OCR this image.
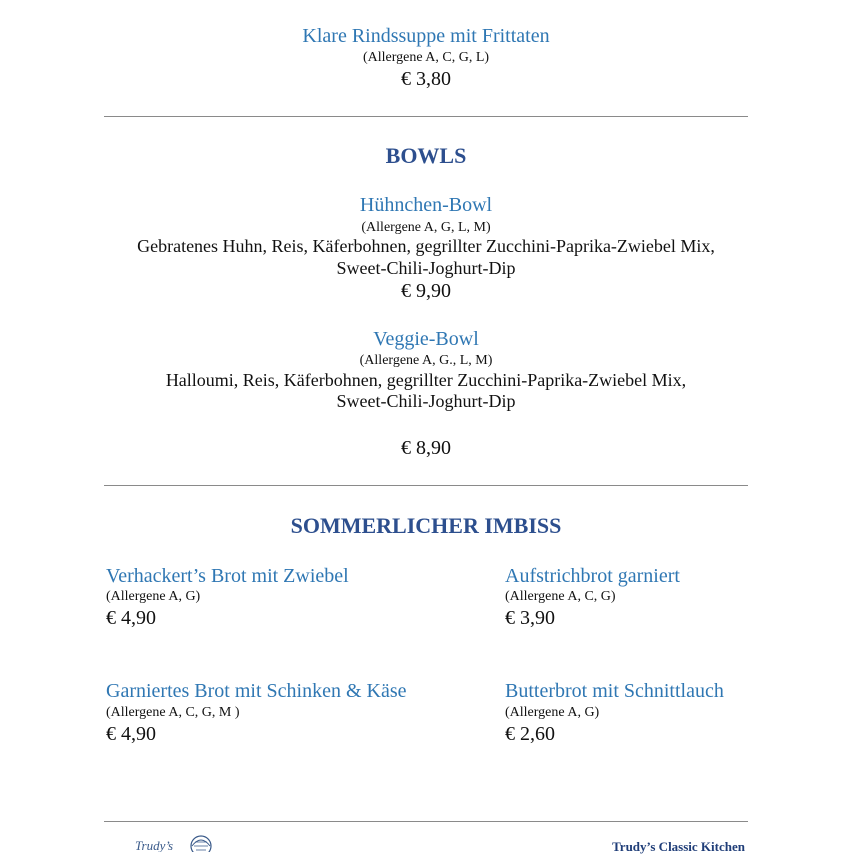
Klare Rindssuppe mit Frittaten
(Allergene A, C, G, L)
€ 3,80
BOWLS
Hühnchen-Bowl
(Allergene A, G, L, M)
Gebratenes Huhn, Reis, Käferbohnen, gegrillter Zucchini-Paprika-Zwiebel Mix,
Sweet-Chili-Joghurt-Dip
€ 9,90
Veggie-Bowl
(Allergene A, G., L, M)
Halloumi, Reis, Käferbohnen, gegrillter Zucchini-Paprika-Zwiebel Mix,
Sweet-Chili-Joghurt-Dip
€ 8,90
SOMMERLICHER IMBISS
Verhackert’s Brot mit Zwiebel
(Allergene A, G)
€ 4,90
Aufstrichbrot garniert
(Allergene A, C, G)
€ 3,90
Garniertes Brot mit Schinken & Käse
(Allergene A, C, G, M )
€ 4,90
Butterbrot mit Schnittlauch
(Allergene A, G)
€ 2,60
Trudy’s	Trudy’s Classic Kitchen
